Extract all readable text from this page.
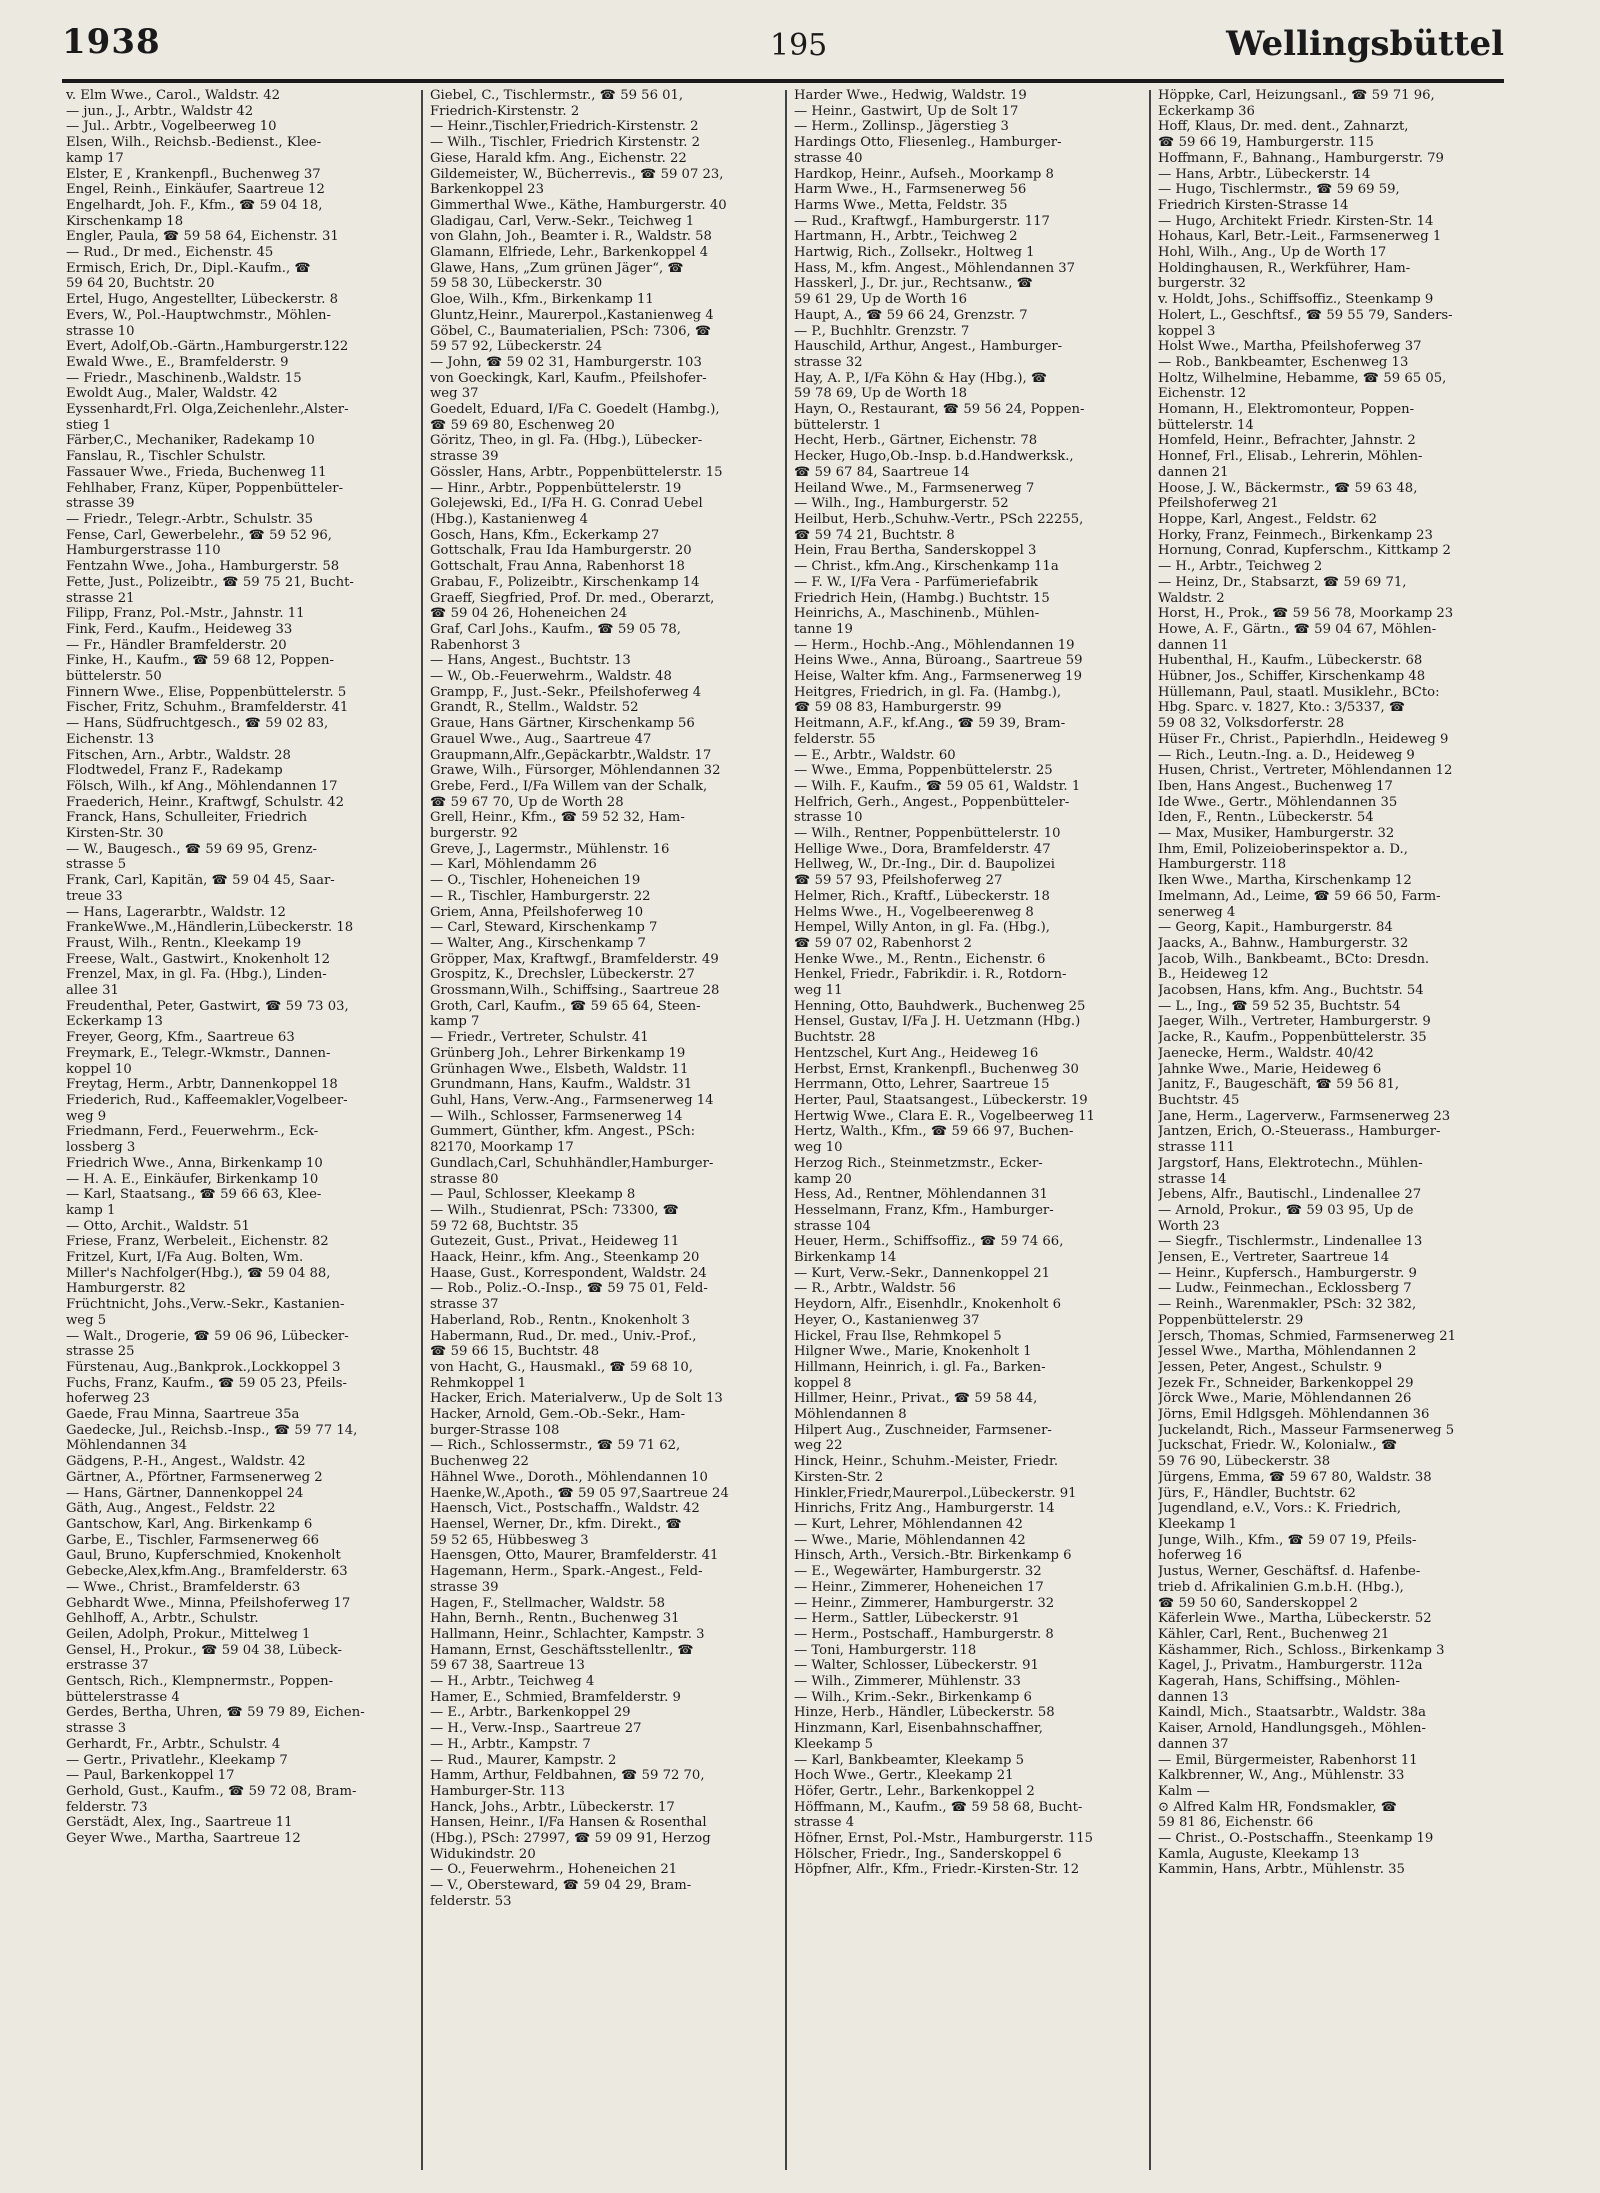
1938	195	Wellingsbüttel
v. Elm Wwe., Carol., Waldstr. 42
— jun., J., Arbtr., Waldstr 42
— Jul.. Arbtr., Vogelbeerweg 10
Elsen, Wilh., Reichsb.-Bedienst., Klee-
kamp 17
Elster, E , Krankenpfl., Buchenweg 37
Engel, Reinh., Einkäufer, Saartreue 12
Engelhardt, Joh. F., Kfm., ☎ 59 04 18,
Kirschenkamp 18
Engler, Paula, ☎ 59 58 64, Eichenstr. 31
— Rud., Dr med., Eichenstr. 45
Ermisch, Erich, Dr., Dipl.-Kaufm., ☎
59 64 20, Buchtstr. 20
Ertel, Hugo, Angestellter, Lübeckerstr. 8
Evers, W., Pol.-Hauptwchmstr., Möhlen-
strasse 10
Evert, Adolf,Ob.-Gärtn.,Hamburgerstr.122
Ewald Wwe., E., Bramfelderstr. 9
— Friedr., Maschinenb.,Waldstr. 15
Ewoldt Aug., Maler, Waldstr. 42
Eyssenhardt,Frl. Olga,Zeichenlehr.,Alster-
stieg 1
Färber,C., Mechaniker, Radekamp 10
Fanslau, R., Tischler Schulstr.
Fassauer Wwe., Frieda, Buchenweg 11
Fehlhaber, Franz, Küper, Poppenbütteler-
strasse 39
— Friedr., Telegr.-Arbtr., Schulstr. 35
Fense, Carl, Gewerbelehr., ☎ 59 52 96,
Hamburgerstrasse 110
Fentzahn Wwe., Joha., Hamburgerstr. 58
Fette, Just., Polizeibtr., ☎ 59 75 21, Bucht-
strasse 21
Filipp, Franz, Pol.-Mstr., Jahnstr. 11
Fink, Ferd., Kaufm., Heideweg 33
— Fr., Händler Bramfelderstr. 20
Finke, H., Kaufm., ☎ 59 68 12, Poppen-
büttelerstr. 50
Finnern Wwe., Elise, Poppenbüttelerstr. 5
Fischer, Fritz, Schuhm., Bramfelderstr. 41
— Hans, Südfruchtgesch., ☎ 59 02 83,
Eichenstr. 13
Fitschen, Arn., Arbtr., Waldstr. 28
Flodtwedel, Franz F., Radekamp
Fölsch, Wilh., kf Ang., Möhlendannen 17
Fraederich, Heinr., Kraftwgf, Schulstr. 42
Franck, Hans, Schulleiter, Friedrich
Kirsten-Str. 30
— W., Baugesch., ☎ 59 69 95, Grenz-
strasse 5
Frank, Carl, Kapitän, ☎ 59 04 45, Saar-
treue 33
— Hans, Lagerarbtr., Waldstr. 12
FrankeWwe.,M.,Händlerin,Lübeckerstr. 18
Fraust, Wilh., Rentn., Kleekamp 19
Freese, Walt., Gastwirt., Knokenholt 12
Frenzel, Max, in gl. Fa. (Hbg.), Linden-
allee 31
Freudenthal, Peter, Gastwirt, ☎ 59 73 03,
Eckerkamp 13
Freyer, Georg, Kfm., Saartreue 63
Freymark, E., Telegr.-Wkmstr., Dannen-
koppel 10
Freytag, Herm., Arbtr, Dannenkoppel 18
Friederich, Rud., Kaffeemakler,Vogelbeer-
weg 9
Friedmann, Ferd., Feuerwehrm., Eck-
lossberg 3
Friedrich Wwe., Anna, Birkenkamp 10
— H. A. E., Einkäufer, Birkenkamp 10
— Karl, Staatsang., ☎ 59 66 63, Klee-
kamp 1
— Otto, Archit., Waldstr. 51
Friese, Franz, Werbeleit., Eichenstr. 82
Fritzel, Kurt, I/Fa Aug. Bolten, Wm.
Miller's Nachfolger(Hbg.), ☎ 59 04 88,
Hamburgerstr. 82
Früchtnicht, Johs.,Verw.-Sekr., Kastanien-
weg 5
— Walt., Drogerie, ☎ 59 06 96, Lübecker-
strasse 25
Fürstenau, Aug.,Bankprok.,Lockkoppel 3
Fuchs, Franz, Kaufm., ☎ 59 05 23, Pfeils-
hoferweg 23
Gaede, Frau Minna, Saartreue 35a
Gaedecke, Jul., Reichsb.-Insp., ☎ 59 77 14,
Möhlendannen 34
Gädgens, P.-H., Angest., Waldstr. 42
Gärtner, A., Pförtner, Farmsenerweg 2
— Hans, Gärtner, Dannenkoppel 24
Gäth, Aug., Angest., Feldstr. 22
Gantschow, Karl, Ang. Birkenkamp 6
Garbe, E., Tischler, Farmsenerweg 66
Gaul, Bruno, Kupferschmied, Knokenholt
Gebecke,Alex,kfm.Ang., Bramfelderstr. 63
— Wwe., Christ., Bramfelderstr. 63
Gebhardt Wwe., Minna, Pfeilshoferweg 17
Gehlhoff, A., Arbtr., Schulstr.
Geilen, Adolph, Prokur., Mittelweg 1
Gensel, H., Prokur., ☎ 59 04 38, Lübeck-
erstrasse 37
Gentsch, Rich., Klempnermstr., Poppen-
büttelerstrasse 4
Gerdes, Bertha, Uhren, ☎ 59 79 89, Eichen-
strasse 3
Gerhardt, Fr., Arbtr., Schulstr. 4
— Gertr., Privatlehr., Kleekamp 7
— Paul, Barkenkoppel 17
Gerhold, Gust., Kaufm., ☎ 59 72 08, Bram-
felderstr. 73
Gerstädt, Alex, Ing., Saartreue 11
Geyer Wwe., Martha, Saartreue 12
Giebel, C., Tischlermstr., ☎ 59 56 01,
Friedrich-Kirstenstr. 2
— Heinr.,Tischler,Friedrich-Kirstenstr. 2
— Wilh., Tischler, Friedrich Kirstenstr. 2
Giese, Harald kfm. Ang., Eichenstr. 22
Gildemeister, W., Bücherrevis., ☎ 59 07 23,
Barkenkoppel 23
Gimmerthal Wwe., Käthe, Hamburgerstr. 40
Gladigau, Carl, Verw.-Sekr., Teichweg 1
von Glahn, Joh., Beamter i. R., Waldstr. 58
Glamann, Elfriede, Lehr., Barkenkoppel 4
Glawe, Hans, „Zum grünen Jäger“, ☎
59 58 30, Lübeckerstr. 30
Gloe, Wilh., Kfm., Birkenkamp 11
Gluntz,Heinr., Maurerpol.,Kastanienweg 4
Göbel, C., Baumaterialien, PSch: 7306, ☎
59 57 92, Lübeckerstr. 24
— John, ☎ 59 02 31, Hamburgerstr. 103
von Goeckingk, Karl, Kaufm., Pfeilshofer-
weg 37
Goedelt, Eduard, I/Fa C. Goedelt (Hambg.),
☎ 59 69 80, Eschenweg 20
Göritz, Theo, in gl. Fa. (Hbg.), Lübecker-
strasse 39
Gössler, Hans, Arbtr., Poppenbüttelerstr. 15
— Hinr., Arbtr., Poppenbüttelerstr. 19
Golejewski, Ed., I/Fa H. G. Conrad Uebel
(Hbg.), Kastanienweg 4
Gosch, Hans, Kfm., Eckerkamp 27
Gottschalk, Frau Ida Hamburgerstr. 20
Gottschalt, Frau Anna, Rabenhorst 18
Grabau, F., Polizeibtr., Kirschenkamp 14
Graeff, Siegfried, Prof. Dr. med., Oberarzt,
☎ 59 04 26, Hoheneichen 24
Graf, Carl Johs., Kaufm., ☎ 59 05 78,
Rabenhorst 3
— Hans, Angest., Buchtstr. 13
— W., Ob.-Feuerwehrm., Waldstr. 48
Grampp, F., Just.-Sekr., Pfeilshoferweg 4
Grandt, R., Stellm., Waldstr. 52
Graue, Hans Gärtner, Kirschenkamp 56
Grauel Wwe., Aug., Saartreue 47
Graupmann,Alfr.,Gepäckarbtr.,Waldstr. 17
Grawe, Wilh., Fürsorger, Möhlendannen 32
Grebe, Ferd., I/Fa Willem van der Schalk,
☎ 59 67 70, Up de Worth 28
Grell, Heinr., Kfm., ☎ 59 52 32, Ham-
burgerstr. 92
Greve, J., Lagermstr., Mühlenstr. 16
— Karl, Möhlendamm 26
— O., Tischler, Hoheneichen 19
— R., Tischler, Hamburgerstr. 22
Griem, Anna, Pfeilshoferweg 10
— Carl, Steward, Kirschenkamp 7
— Walter, Ang., Kirschenkamp 7
Gröpper, Max, Kraftwgf., Bramfelderstr. 49
Grospitz, K., Drechsler, Lübeckerstr. 27
Grossmann,Wilh., Schiffsing., Saartreue 28
Groth, Carl, Kaufm., ☎ 59 65 64, Steen-
kamp 7
— Friedr., Vertreter, Schulstr. 41
Grünberg Joh., Lehrer Birkenkamp 19
Grünhagen Wwe., Elsbeth, Waldstr. 11
Grundmann, Hans, Kaufm., Waldstr. 31
Guhl, Hans, Verw.-Ang., Farmsenerweg 14
— Wilh., Schlosser, Farmsenerweg 14
Gummert, Günther, kfm. Angest., PSch:
82170, Moorkamp 17
Gundlach,Carl, Schuhhändler,Hamburger-
strasse 80
— Paul, Schlosser, Kleekamp 8
— Wilh., Studienrat, PSch: 73300, ☎
59 72 68, Buchtstr. 35
Gutezeit, Gust., Privat., Heideweg 11
Haack, Heinr., kfm. Ang., Steenkamp 20
Haase, Gust., Korrespondent, Waldstr. 24
— Rob., Poliz.-O.-Insp., ☎ 59 75 01, Feld-
strasse 37
Haberland, Rob., Rentn., Knokenholt 3
Habermann, Rud., Dr. med., Univ.-Prof.,
☎ 59 66 15, Buchtstr. 48
von Hacht, G., Hausmakl., ☎ 59 68 10,
Rehmkoppel 1
Hacker, Erich. Materialverw., Up de Solt 13
Hacker, Arnold, Gem.-Ob.-Sekr., Ham-
burger-Strasse 108
— Rich., Schlossermstr., ☎ 59 71 62,
Buchenweg 22
Hähnel Wwe., Doroth., Möhlendannen 10
Haenke,W.,Apoth., ☎ 59 05 97,Saartreue 24
Haensch, Vict., Postschaffn., Waldstr. 42
Haensel, Werner, Dr., kfm. Direkt., ☎
59 52 65, Hübbesweg 3
Haensgen, Otto, Maurer, Bramfelderstr. 41
Hagemann, Herm., Spark.-Angest., Feld-
strasse 39
Hagen, F., Stellmacher, Waldstr. 58
Hahn, Bernh., Rentn., Buchenweg 31
Hallmann, Heinr., Schlachter, Kampstr. 3
Hamann, Ernst, Geschäftsstellenltr., ☎
59 67 38, Saartreue 13
— H., Arbtr., Teichweg 4
Hamer, E., Schmied, Bramfelderstr. 9
— E., Arbtr., Barkenkoppel 29
— H., Verw.-Insp., Saartreue 27
— H., Arbtr., Kampstr. 7
— Rud., Maurer, Kampstr. 2
Hamm, Arthur, Feldbahnen, ☎ 59 72 70,
Hamburger-Str. 113
Hanck, Johs., Arbtr., Lübeckerstr. 17
Hansen, Heinr., I/Fa Hansen & Rosenthal
(Hbg.), PSch: 27997, ☎ 59 09 91, Herzog
Widukindstr. 20
— O., Feuerwehrm., Hoheneichen 21
— V., Obersteward, ☎ 59 04 29, Bram-
felderstr. 53
Harder Wwe., Hedwig, Waldstr. 19
— Heinr., Gastwirt, Up de Solt 17
— Herm., Zollinsp., Jägerstieg 3
Hardings Otto, Fliesenleg., Hamburger-
strasse 40
Hardkop, Heinr., Aufseh., Moorkamp 8
Harm Wwe., H., Farmsenerweg 56
Harms Wwe., Metta, Feldstr. 35
— Rud., Kraftwgf., Hamburgerstr. 117
Hartmann, H., Arbtr., Teichweg 2
Hartwig, Rich., Zollsekr., Holtweg 1
Hass, M., kfm. Angest., Möhlendannen 37
Hasskerl, J., Dr. jur., Rechtsanw., ☎
59 61 29, Up de Worth 16
Haupt, A., ☎ 59 66 24, Grenzstr. 7
— P., Buchhltr. Grenzstr. 7
Hauschild, Arthur, Angest., Hamburger-
strasse 32
Hay, A. P., I/Fa Köhn & Hay (Hbg.), ☎
59 78 69, Up de Worth 18
Hayn, O., Restaurant, ☎ 59 56 24, Poppen-
büttelerstr. 1
Hecht, Herb., Gärtner, Eichenstr. 78
Hecker, Hugo,Ob.-Insp. b.d.Handwerksk.,
☎ 59 67 84, Saartreue 14
Heiland Wwe., M., Farmsenerweg 7
— Wilh., Ing., Hamburgerstr. 52
Heilbut, Herb.,Schuhw.-Vertr., PSch 22255,
☎ 59 74 21, Buchtstr. 8
Hein, Frau Bertha, Sanderskoppel 3
— Christ., kfm.Ang., Kirschenkamp 11a
— F. W., I/Fa Vera - Parfümeriefabrik
Friedrich Hein, (Hambg.) Buchtstr. 15
Heinrichs, A., Maschinenb., Mühlen-
tanne 19
— Herm., Hochb.-Ang., Möhlendannen 19
Heins Wwe., Anna, Büroang., Saartreue 59
Heise, Walter kfm. Ang., Farmsenerweg 19
Heitgres, Friedrich, in gl. Fa. (Hambg.),
☎ 59 08 83, Hamburgerstr. 99
Heitmann, A.F., kf.Ang., ☎ 59 39, Bram-
felderstr. 55
— E., Arbtr., Waldstr. 60
— Wwe., Emma, Poppenbüttelerstr. 25
— Wilh. F., Kaufm., ☎ 59 05 61, Waldstr. 1
Helfrich, Gerh., Angest., Poppenbütteler-
strasse 10
— Wilh., Rentner, Poppenbüttelerstr. 10
Hellige Wwe., Dora, Bramfelderstr. 47
Hellweg, W., Dr.-Ing., Dir. d. Baupolizei
☎ 59 57 93, Pfeilshoferweg 27
Helmer, Rich., Kraftf., Lübeckerstr. 18
Helms Wwe., H., Vogelbeerenweg 8
Hempel, Willy Anton, in gl. Fa. (Hbg.),
☎ 59 07 02, Rabenhorst 2
Henke Wwe., M., Rentn., Eichenstr. 6
Henkel, Friedr., Fabrikdir. i. R., Rotdorn-
weg 11
Henning, Otto, Bauhdwerk., Buchenweg 25
Hensel, Gustav, I/Fa J. H. Uetzmann (Hbg.)
Buchtstr. 28
Hentzschel, Kurt Ang., Heideweg 16
Herbst, Ernst, Krankenpfl., Buchenweg 30
Herrmann, Otto, Lehrer, Saartreue 15
Herter, Paul, Staatsangest., Lübeckerstr. 19
Hertwig Wwe., Clara E. R., Vogelbeerweg 11
Hertz, Walth., Kfm., ☎ 59 66 97, Buchen-
weg 10
Herzog Rich., Steinmetzmstr., Ecker-
kamp 20
Hess, Ad., Rentner, Möhlendannen 31
Hesselmann, Franz, Kfm., Hamburger-
strasse 104
Heuer, Herm., Schiffsoffiz., ☎ 59 74 66,
Birkenkamp 14
— Kurt, Verw.-Sekr., Dannenkoppel 21
— R., Arbtr., Waldstr. 56
Heydorn, Alfr., Eisenhdlr., Knokenholt 6
Heyer, O., Kastanienweg 37
Hickel, Frau Ilse, Rehmkopel 5
Hilgner Wwe., Marie, Knokenholt 1
Hillmann, Heinrich, i. gl. Fa., Barken-
koppel 8
Hillmer, Heinr., Privat., ☎ 59 58 44,
Möhlendannen 8
Hilpert Aug., Zuschneider, Farmsener-
weg 22
Hinck, Heinr., Schuhm.-Meister, Friedr.
Kirsten-Str. 2
Hinkler,Friedr,Maurerpol.,Lübeckerstr. 91
Hinrichs, Fritz Ang., Hamburgerstr. 14
— Kurt, Lehrer, Möhlendannen 42
— Wwe., Marie, Möhlendannen 42
Hinsch, Arth., Versich.-Btr. Birkenkamp 6
— E., Wegewärter, Hamburgerstr. 32
— Heinr., Zimmerer, Hoheneichen 17
— Heinr., Zimmerer, Hamburgerstr. 32
— Herm., Sattler, Lübeckerstr. 91
— Herm., Postschaff., Hamburgerstr. 8
— Toni, Hamburgerstr. 118
— Walter, Schlosser, Lübeckerstr. 91
— Wilh., Zimmerer, Mühlenstr. 33
— Wilh., Krim.-Sekr., Birkenkamp 6
Hinze, Herb., Händler, Lübeckerstr. 58
Hinzmann, Karl, Eisenbahnschaffner,
Kleekamp 5
— Karl, Bankbeamter, Kleekamp 5
Hoch Wwe., Gertr., Kleekamp 21
Höfer, Gertr., Lehr., Barkenkoppel 2
Höffmann, M., Kaufm., ☎ 59 58 68, Bucht-
strasse 4
Höfner, Ernst, Pol.-Mstr., Hamburgerstr. 115
Hölscher, Friedr., Ing., Sanderskoppel 6
Höpfner, Alfr., Kfm., Friedr.-Kirsten-Str. 12
Höppke, Carl, Heizungsanl., ☎ 59 71 96,
Eckerkamp 36
Hoff, Klaus, Dr. med. dent., Zahnarzt,
☎ 59 66 19, Hamburgerstr. 115
Hoffmann, F., Bahnang., Hamburgerstr. 79
— Hans, Arbtr., Lübeckerstr. 14
— Hugo, Tischlermstr., ☎ 59 69 59,
Friedrich Kirsten-Strasse 14
— Hugo, Architekt Friedr. Kirsten-Str. 14
Hohaus, Karl, Betr.-Leit., Farmsenerweg 1
Hohl, Wilh., Ang., Up de Worth 17
Holdinghausen, R., Werkführer, Ham-
burgerstr. 32
v. Holdt, Johs., Schiffsoffiz., Steenkamp 9
Holert, L., Geschftsf., ☎ 59 55 79, Sanders-
koppel 3
Holst Wwe., Martha, Pfeilshoferweg 37
— Rob., Bankbeamter, Eschenweg 13
Holtz, Wilhelmine, Hebamme, ☎ 59 65 05,
Eichenstr. 12
Homann, H., Elektromonteur, Poppen-
büttelerstr. 14
Homfeld, Heinr., Befrachter, Jahnstr. 2
Honnef, Frl., Elisab., Lehrerin, Möhlen-
dannen 21
Hoose, J. W., Bäckermstr., ☎ 59 63 48,
Pfeilshoferweg 21
Hoppe, Karl, Angest., Feldstr. 62
Horky, Franz, Feinmech., Birkenkamp 23
Hornung, Conrad, Kupferschm., Kittkamp 2
— H., Arbtr., Teichweg 2
— Heinz, Dr., Stabsarzt, ☎ 59 69 71,
Waldstr. 2
Horst, H., Prok., ☎ 59 56 78, Moorkamp 23
Howe, A. F., Gärtn., ☎ 59 04 67, Möhlen-
dannen 11
Hubenthal, H., Kaufm., Lübeckerstr. 68
Hübner, Jos., Schiffer, Kirschenkamp 48
Hüllemann, Paul, staatl. Musiklehr., BCto:
Hbg. Sparc. v. 1827, Kto.: 3/5337, ☎
59 08 32, Volksdorferstr. 28
Hüser Fr., Christ., Papierhdln., Heideweg 9
— Rich., Leutn.-Ing. a. D., Heideweg 9
Husen, Christ., Vertreter, Möhlendannen 12
Iben, Hans Angest., Buchenweg 17
Ide Wwe., Gertr., Möhlendannen 35
Iden, F., Rentn., Lübeckerstr. 54
— Max, Musiker, Hamburgerstr. 32
Ihm, Emil, Polizeioberinspektor a. D.,
Hamburgerstr. 118
Iken Wwe., Martha, Kirschenkamp 12
Imelmann, Ad., Leime, ☎ 59 66 50, Farm-
senerweg 4
— Georg, Kapit., Hamburgerstr. 84
Jaacks, A., Bahnw., Hamburgerstr. 32
Jacob, Wilh., Bankbeamt., BCto: Dresdn.
B., Heideweg 12
Jacobsen, Hans, kfm. Ang., Buchtstr. 54
— L., Ing., ☎ 59 52 35, Buchtstr. 54
Jaeger, Wilh., Vertreter, Hamburgerstr. 9
Jacke, R., Kaufm., Poppenbüttelerstr. 35
Jaenecke, Herm., Waldstr. 40/42
Jahnke Wwe., Marie, Heideweg 6
Janitz, F., Baugeschäft, ☎ 59 56 81,
Buchtstr. 45
Jane, Herm., Lagerverw., Farmsenerweg 23
Jantzen, Erich, O.-Steuerass., Hamburger-
strasse 111
Jargstorf, Hans, Elektrotechn., Mühlen-
strasse 14
Jebens, Alfr., Bautischl., Lindenallee 27
— Arnold, Prokur., ☎ 59 03 95, Up de
Worth 23
— Siegfr., Tischlermstr., Lindenallee 13
Jensen, E., Vertreter, Saartreue 14
— Heinr., Kupfersch., Hamburgerstr. 9
— Ludw., Feinmechan., Ecklossberg 7
— Reinh., Warenmakler, PSch: 32 382,
Poppenbüttelerstr. 29
Jersch, Thomas, Schmied, Farmsenerweg 21
Jessel Wwe., Martha, Möhlendannen 2
Jessen, Peter, Angest., Schulstr. 9
Jezek Fr., Schneider, Barkenkoppel 29
Jörck Wwe., Marie, Möhlendannen 26
Jörns, Emil Hdlgsgeh. Möhlendannen 36
Juckelandt, Rich., Masseur Farmsenerweg 5
Juckschat, Friedr. W., Kolonialw., ☎
59 76 90, Lübeckerstr. 38
Jürgens, Emma, ☎ 59 67 80, Waldstr. 38
Jürs, F., Händler, Buchtstr. 62
Jugendland, e.V., Vors.: K. Friedrich,
Kleekamp 1
Junge, Wilh., Kfm., ☎ 59 07 19, Pfeils-
hoferweg 16
Justus, Werner, Geschäftsf. d. Hafenbe-
trieb d. Afrikalinien G.m.b.H. (Hbg.),
☎ 59 50 60, Sanderskoppel 2
Käferlein Wwe., Martha, Lübeckerstr. 52
Kähler, Carl, Rent., Buchenweg 21
Käshammer, Rich., Schloss., Birkenkamp 3
Kagel, J., Privatm., Hamburgerstr. 112a
Kagerah, Hans, Schiffsing., Möhlen-
dannen 13
Kaindl, Mich., Staatsarbtr., Waldstr. 38a
Kaiser, Arnold, Handlungsgeh., Möhlen-
dannen 37
— Emil, Bürgermeister, Rabenhorst 11
Kalkbrenner, W., Ang., Mühlenstr. 33
Kalm —
⊙ Alfred Kalm HR, Fondsmakler, ☎
59 81 86, Eichenstr. 66
— Christ., O.-Postschaffn., Steenkamp 19
Kamla, Auguste, Kleekamp 13
Kammin, Hans, Arbtr., Mühlenstr. 35
